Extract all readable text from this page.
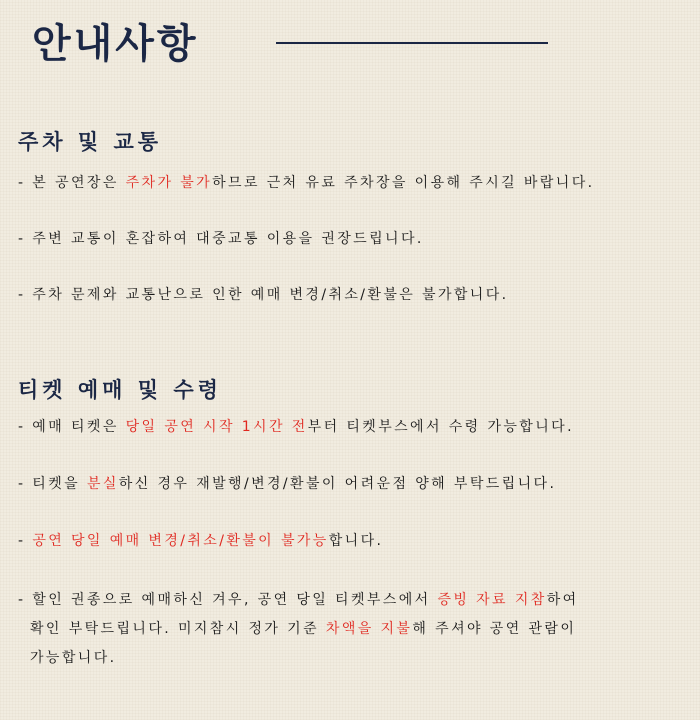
안내사항
주차 및 교통
- 본 공연장은 주차가 불가하므로 근처 유료 주차장을 이용해 주시길 바랍니다.
- 주변 교통이 혼잡하여 대중교통 이용을 권장드립니다.
- 주차 문제와 교통난으로 인한 예매 변경/취소/환불은 불가합니다.
티켓 예매 및 수령
- 예매 티켓은 당일 공연 시작 1시간 전부터 티켓부스에서 수령 가능합니다.
- 티켓을 분실하신 경우 재발행/변경/환불이 어려운점 양해 부탁드립니다.
- 공연 당일 예매 변경/취소/환불이 불가능합니다.
- 할인 권종으로 예매하신 겨우, 공연 당일 티켓부스에서 증빙 자료 지참하여
확인 부탁드립니다. 미지참시 정가 기준 차액을 지불해 주셔야 공연 관람이
가능합니다.
